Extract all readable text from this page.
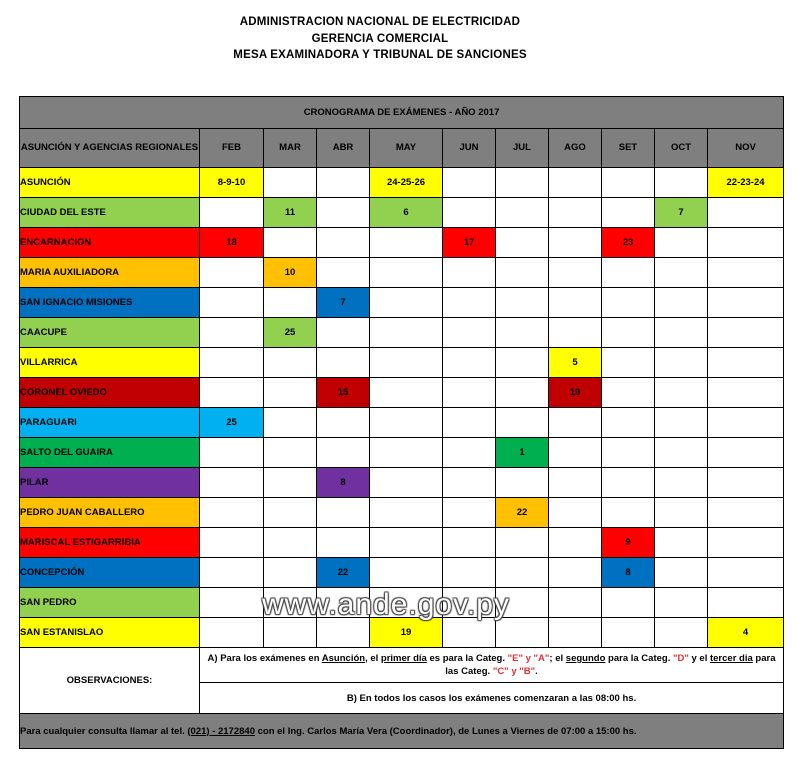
ADMINISTRACION NACIONAL DE ELECTRICIDAD
GERENCIA COMERCIAL
MESA EXAMINADORA Y TRIBUNAL DE SANCIONES
CRONOGRAMA DE EXÁMENES - AÑO 2017										
ASUNCIÓN Y AGENCIAS REGIONALES	FEB	MAR	ABR	MAY	JUN	JUL	AGO	SET	OCT	NOV
ASUNCIÓN	8-9-10			24-25-26						22-23-24
CIUDAD DEL ESTE		11		6					7	
ENCARNACION	18				17			23		
MARIA AUXILIADORA		10								
SAN IGNACIO MISIONES			7							
CAACUPE		25								
VILLARRICA							5			
CORONEL OVIEDO			15				19			
PARAGUARI	25									
SALTO DEL GUAIRA						1				
PILAR			8							
PEDRO JUAN CABALLERO						22				
MARISCAL ESTIGARRIBIA								9		
CONCEPCIÓN			22					8		
SAN PEDRO										
SAN ESTANISLAO				19						4
OBSERVACIONES:	A) Para los exámenes en Asunción, el primer día es para la Categ. "E" y "A"; el segundo para la Categ. "D" y el tercer dia para las Categ. "C" y "B".									
	B) En todos los casos los exámenes comenzaran a las 08:00 hs.									
Para cualquier consulta llamar al tel. (021) - 2172840 con el Ing. Carlos María Vera (Coordinador), de Lunes a Viernes de 07:00 a 15:00 hs.										
www.ande.gov.py
